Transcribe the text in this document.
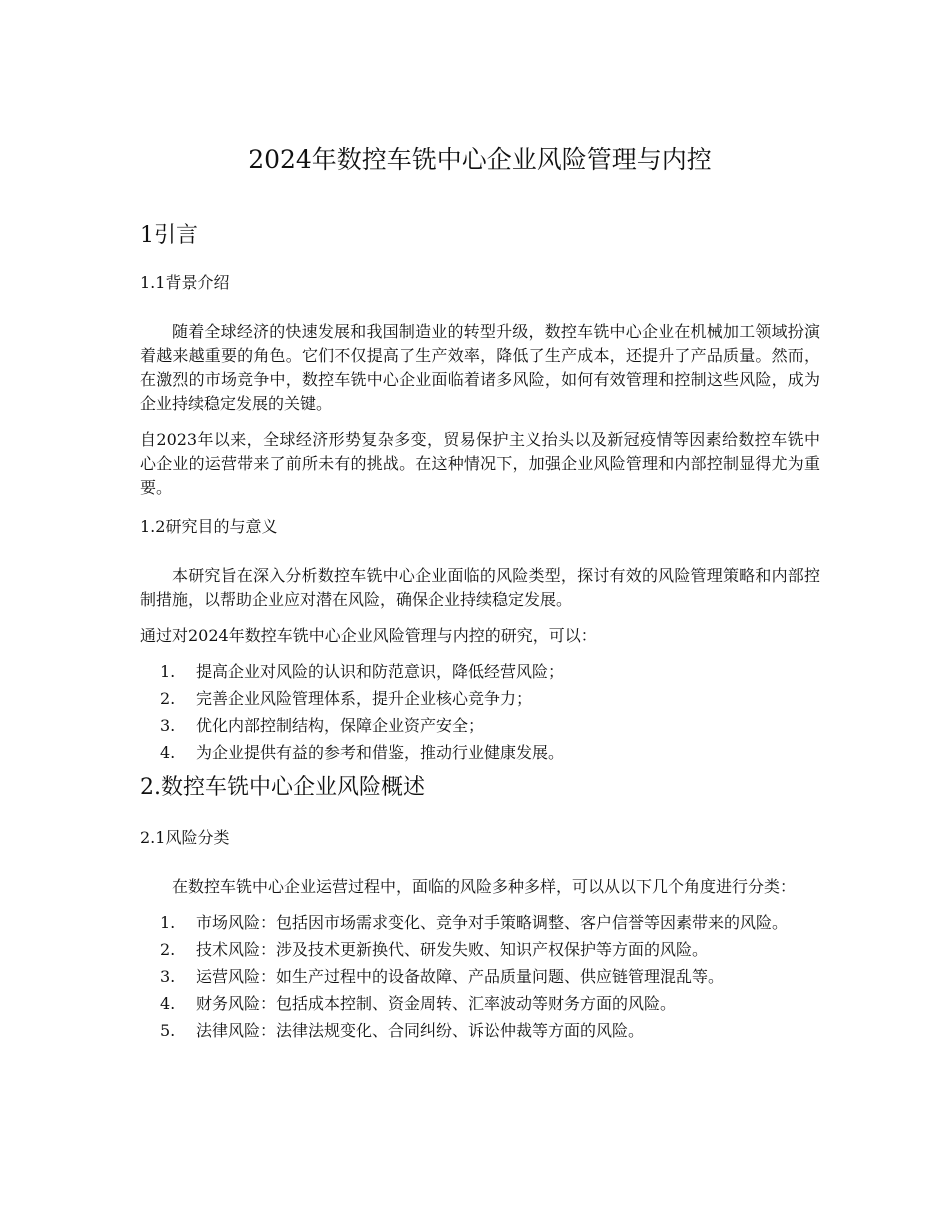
2024年数控车铣中心企业风险管理与内控
1引言
1.1背景介绍

随着全球经济的快速发展和我国制造业的转型升级，数控车铣中心企业在机械加工领域扮演着越来越重要的角色。它们不仅提高了生产效率，降低了生产成本，还提升了产品质量。然而，在激烈的市场竞争中，数控车铣中心企业面临着诸多风险，如何有效管理和控制这些风险，成为企业持续稳定发展的关键。

自2023年以来，全球经济形势复杂多变，贸易保护主义抬头以及新冠疫情等因素给数控车铣中心企业的运营带来了前所未有的挑战。在这种情况下，加强企业风险管理和内部控制显得尤为重要。

1.2研究目的与意义

本研究旨在深入分析数控车铣中心企业面临的风险类型，探讨有效的风险管理策略和内部控制措施，以帮助企业应对潜在风险，确保企业持续稳定发展。

通过对2024年数控车铣中心企业风险管理与内控的研究，可以：

1. 提高企业对风险的认识和防范意识，降低经营风险；
2. 完善企业风险管理体系，提升企业核心竞争力；
3. 优化内部控制结构，保障企业资产安全；
4. 为企业提供有益的参考和借鉴，推动行业健康发展。
2.数控车铣中心企业风险概述
2.1风险分类

在数控车铣中心企业运营过程中，面临的风险多种多样，可以从以下几个角度进行分类：

1. 市场风险：包括因市场需求变化、竞争对手策略调整、客户信誉等因素带来的风险。
2. 技术风险：涉及技术更新换代、研发失败、知识产权保护等方面的风险。
3. 运营风险：如生产过程中的设备故障、产品质量问题、供应链管理混乱等。
4. 财务风险：包括成本控制、资金周转、汇率波动等财务方面的风险。
5. 法律风险：法律法规变化、合同纠纷、诉讼仲裁等方面的风险。
